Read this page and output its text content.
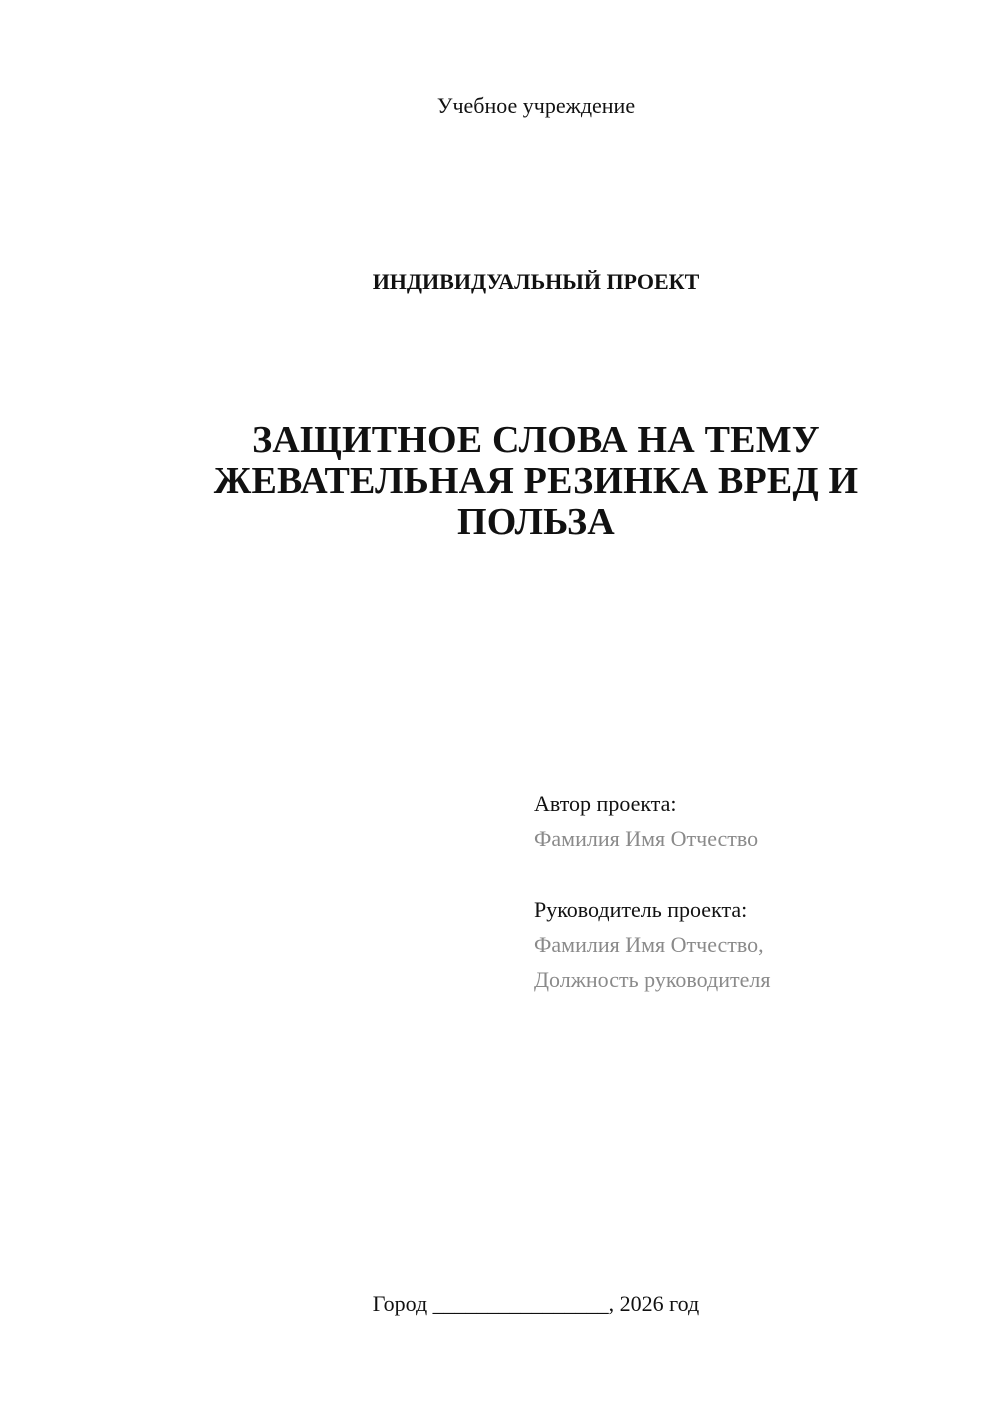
Учебное учреждение
ИНДИВИДУАЛЬНЫЙ ПРОЕКТ
ЗАЩИТНОЕ СЛОВА НА ТЕМУ
ЖЕВАТЕЛЬНАЯ РЕЗИНКА ВРЕД И
ПОЛЬЗА
Автор проекта:
Фамилия Имя Отчество
Руководитель проекта:
Фамилия Имя Отчество,
Должность руководителя
Город ________________, 2026 год
